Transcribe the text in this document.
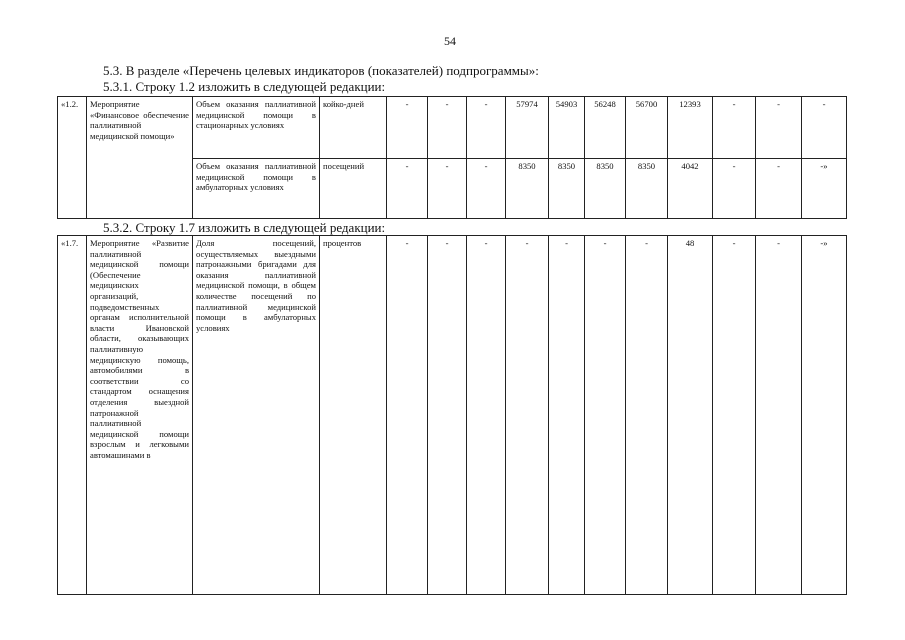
54
5.3. В разделе «Перечень целевых индикаторов (показателей) подпрограммы»:
5.3.1. Строку 1.2 изложить в следующей редакции:
«1.2.	Мероприятие «Финансовое обеспечение паллиативной медицинской помощи»	Объем оказания паллиативной медицинской помощи в стационарных условиях	койко-дней	-	-	-	57974	54903	56248	56700	12393	-	-	-
		Объем оказания паллиативной медицинской помощи в амбулаторных условиях	посещений	-	-	-	8350	8350	8350	8350	4042	-	-	-»
5.3.2. Строку 1.7 изложить в следующей редакции:
«1.7.	Мероприятие «Развитие паллиативной медицинской помощи (Обеспечение медицинских организаций, подведомственных органам исполнительной власти Ивановской области, оказывающих паллиативную медицинскую помощь, автомобилями в соответствии со стандартом оснащения отделения выездной патронажной паллиативной медицинской помощи взрослым и легковыми автомашинами в	Доля посещений, осуществляемых выездными патронажными бригадами для оказания паллиативной медицинской помощи, в общем количестве посещений по паллиативной медицинской помощи в амбулаторных условиях	процентов	-	-	-	-	-	-	-	48	-	-	-»
